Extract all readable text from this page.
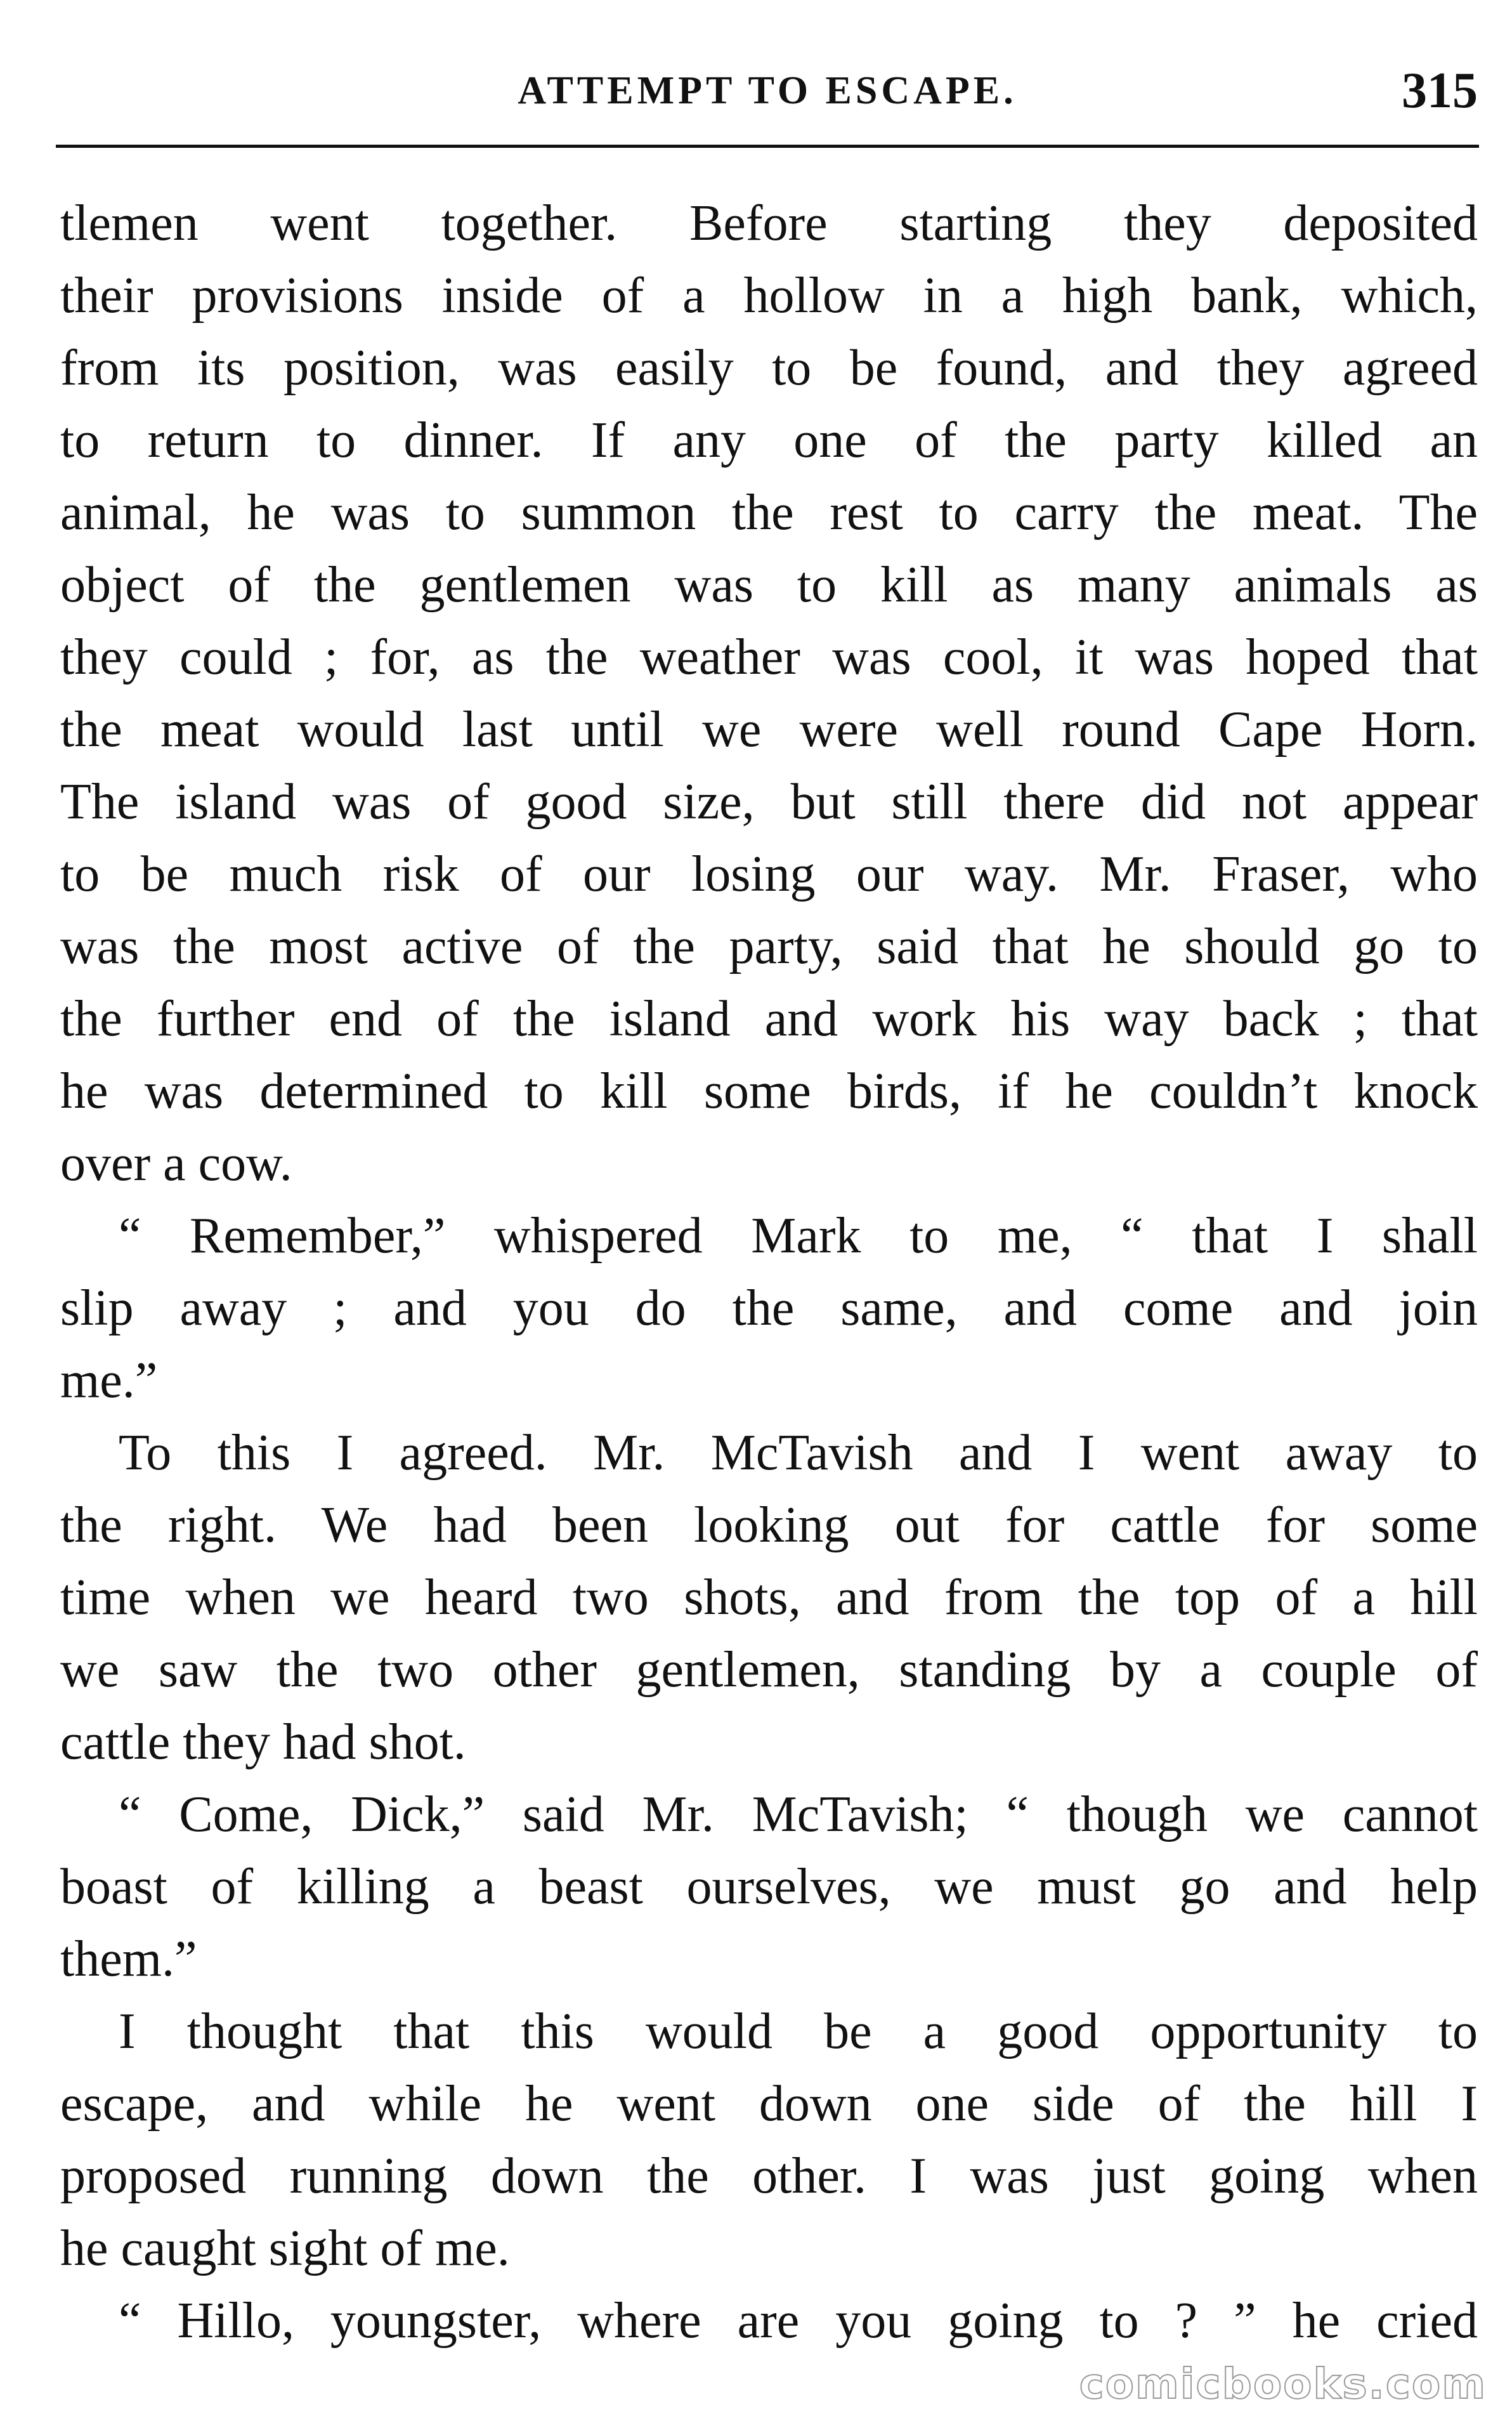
ATTEMPT TO ESCAPE.	315
tlemen went together. Before starting they deposited
their provisions inside of a hollow in a high bank, which,
from its position, was easily to be found, and they agreed
to return to dinner. If any one of the party killed an
animal, he was to summon the rest to carry the meat. The
object of the gentlemen was to kill as many animals as
they could ; for, as the weather was cool, it was hoped that
the meat would last until we were well round Cape Horn.
The island was of good size, but still there did not appear
to be much risk of our losing our way. Mr. Fraser, who
was the most active of the party, said that he should go to
the further end of the island and work his way back ; that
he was determined to kill some birds, if he couldn’t knock
over a cow.
“ Remember,” whispered Mark to me, “ that I shall
slip away ; and you do the same, and come and join
me.”
To this I agreed. Mr. McTavish and I went away to
the right. We had been looking out for cattle for some
time when we heard two shots, and from the top of a hill
we saw the two other gentlemen, standing by a couple of
cattle they had shot.
“ Come, Dick,” said Mr. McTavish; “ though we cannot
boast of killing a beast ourselves, we must go and help
them.”
I thought that this would be a good opportunity to
escape, and while he went down one side of the hill I
proposed running down the other. I was just going when
he caught sight of me.
“ Hillo, youngster, where are you going to ? ” he cried
comicbooks.com
